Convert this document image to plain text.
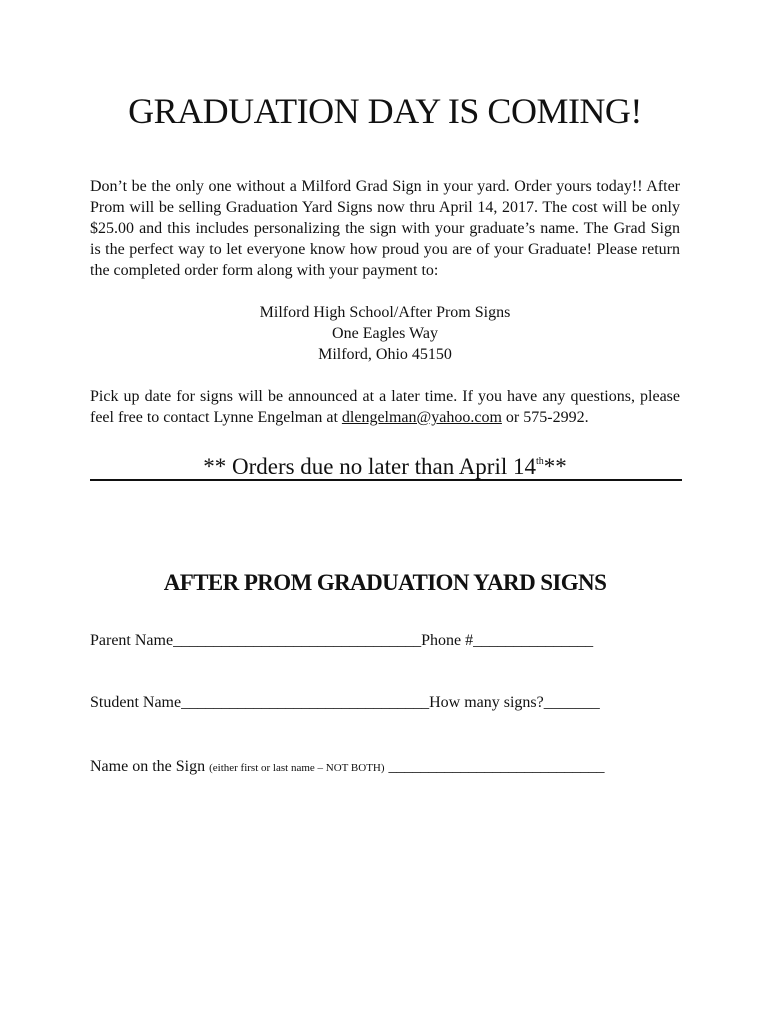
GRADUATION DAY IS COMING!

Don’t be the only one without a Milford Grad Sign in your yard. Order yours today!! After Prom will be selling Graduation Yard Signs now thru April 14, 2017. The cost will be only $25.00 and this includes personalizing the sign with your graduate’s name. The Grad Sign is the perfect way to let everyone know how proud you are of your Graduate! Please return the completed order form along with your payment to:

Milford High School/After Prom Signs
One Eagles Way
Milford, Ohio 45150
Pick up date for signs will be announced at a later time. If you have any questions, please feel free to contact Lynne Engelman at dlengelman@yahoo.com or 575-2992.
** Orders due no later than April 14th**
AFTER PROM GRADUATION YARD SIGNS
Parent Name_______________________________Phone #_______________
Student Name_______________________________How many signs?_______
Name on the Sign (either first or last name – NOT BOTH) ___________________________
